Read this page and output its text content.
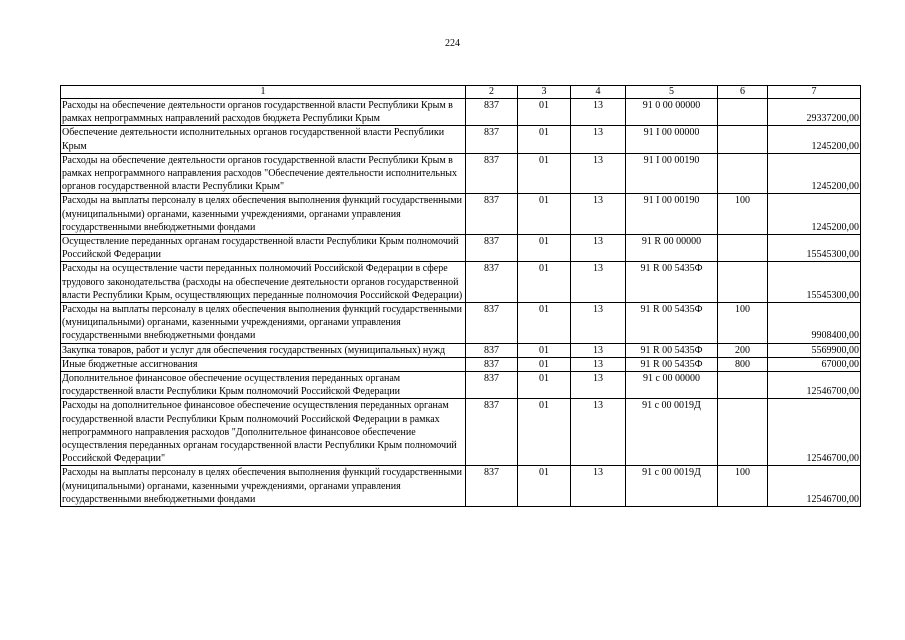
224
1	2	3	4	5	6	7
Расходы на обеспечение деятельности органов государственной власти Республики Крым в рамках непрограммных направлений расходов бюджета Республики Крым	837	01	13	91 0 00 00000		29337200,00
Обеспечение деятельности исполнительных органов государственной власти Республики Крым	837	01	13	91 I 00 00000		1245200,00
Расходы на обеспечение деятельности органов государственной власти Республики Крым в рамках непрограммного направления расходов "Обеспечение деятельности исполнительных органов государственной власти Республики Крым"	837	01	13	91 I 00 00190		1245200,00
Расходы на выплаты персоналу в целях обеспечения выполнения функций государственными (муниципальными) органами, казенными учреждениями, органами управления государственными внебюджетными фондами	837	01	13	91 I 00 00190	100	1245200,00
Осуществление переданных органам государственной власти Республики Крым полномочий Российской Федерации	837	01	13	91 R 00 00000		15545300,00
Расходы на осуществление части переданных полномочий Российской Федерации в сфере трудового законодательства (расходы на обеспечение деятельности органов государственной власти Республики Крым, осуществляющих переданные полномочия Российской Федерации)	837	01	13	91 R 00 5435Ф		15545300,00
Расходы на выплаты персоналу в целях обеспечения выполнения функций государственными (муниципальными) органами, казенными учреждениями, органами управления государственными внебюджетными фондами	837	01	13	91 R 00 5435Ф	100	9908400,00
Закупка товаров, работ и услуг для обеспечения государственных (муниципальных) нужд	837	01	13	91 R 00 5435Ф	200	5569900,00
Иные бюджетные ассигнования	837	01	13	91 R 00 5435Ф	800	67000,00
Дополнительное финансовое обеспечение осуществления переданных органам государственной власти Республики Крым полномочий Российской Федерации	837	01	13	91 с 00 00000		12546700,00
Расходы на дополнительное финансовое обеспечение осуществления переданных органам государственной власти Республики Крым полномочий Российской Федерации в рамках непрограммного направления расходов "Дополнительное финансовое обеспечение осуществления переданных органам государственной власти Республики Крым полномочий Российской Федерации"	837	01	13	91 с 00 0019Д		12546700,00
Расходы на выплаты персоналу в целях обеспечения выполнения функций государственными (муниципальными) органами, казенными учреждениями, органами управления государственными внебюджетными фондами	837	01	13	91 с 00 0019Д	100	12546700,00
